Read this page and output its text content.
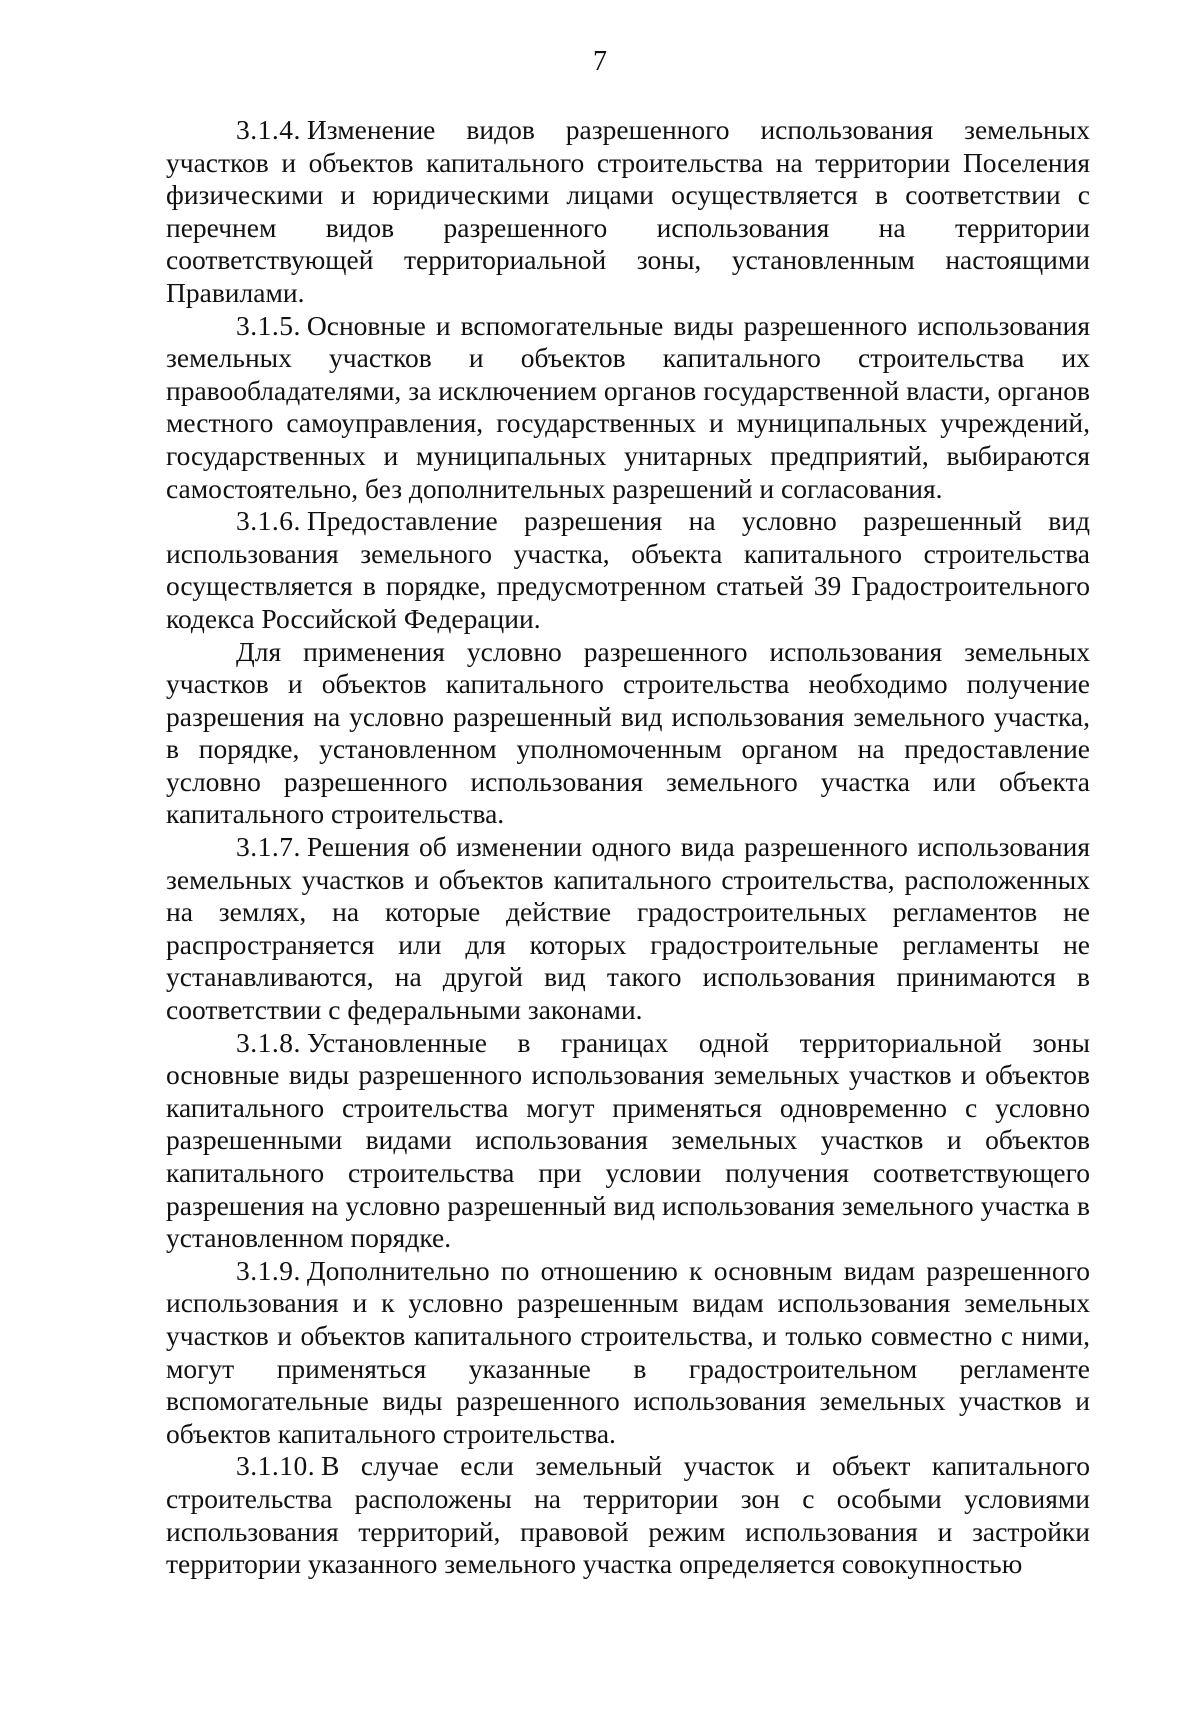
7

3.1.4. Изменение видов разрешенного использования земельных участков и объектов капитального строительства на территории Поселения физическими и юридическими лицами осуществляется в соответствии с перечнем видов разрешенного использования на территории соответствующей территориальной зоны, установленным настоящими Правилами.

3.1.5. Основные и вспомогательные виды разрешенного использования земельных участков и объектов капитального строительства их правообладателями, за исключением органов государственной власти, органов местного самоуправления, государственных и муниципальных учреждений, государственных и муниципальных унитарных предприятий, выбираются самостоятельно, без дополнительных разрешений и согласования.

3.1.6. Предоставление разрешения на условно разрешенный вид использования земельного участка, объекта капитального строительства осуществляется в порядке, предусмотренном статьей 39 Градостроительного кодекса Российской Федерации.

Для применения условно разрешенного использования земельных участков и объектов капитального строительства необходимо получение разрешения на условно разрешенный вид использования земельного участка, в порядке, установленном уполномоченным органом на предоставление условно разрешенного использования земельного участка или объекта капитального строительства.

3.1.7. Решения об изменении одного вида разрешенного использования земельных участков и объектов капитального строительства, расположенных на землях, на которые действие градостроительных регламентов не распространяется или для которых градостроительные регламенты не устанавливаются, на другой вид такого использования принимаются в соответствии с федеральными законами.

3.1.8. Установленные в границах одной территориальной зоны основные виды разрешенного использования земельных участков и объектов капитального строительства могут применяться одновременно с условно разрешенными видами использования земельных участков и объектов капитального строительства при условии получения соответствующего разрешения на условно разрешенный вид использования земельного участка в установленном порядке.

3.1.9. Дополнительно по отношению к основным видам разрешенного использования и к условно разрешенным видам использования земельных участков и объектов капитального строительства, и только совместно с ними, могут применяться указанные в градостроительном регламенте вспомогательные виды разрешенного использования земельных участков и объектов капитального строительства.

3.1.10. В случае если земельный участок и объект капитального строительства расположены на территории зон с особыми условиями использования территорий, правовой режим использования и застройки территории указанного земельного участка определяется совокупностью
